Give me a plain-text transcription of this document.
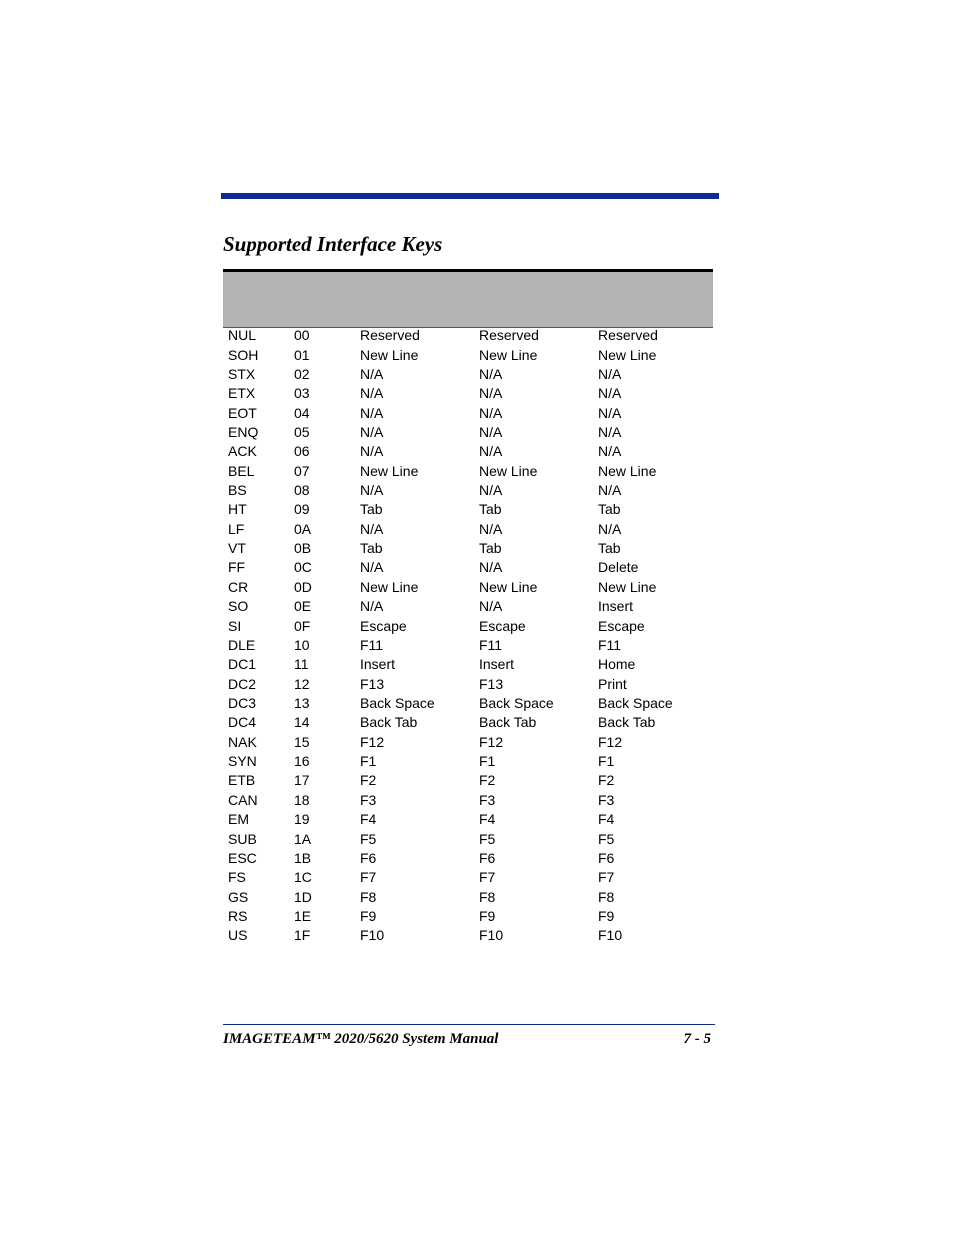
Supported Interface Keys
NUL	00	Reserved	Reserved	Reserved
SOH	01	New Line	New Line	New Line
STX	02	N/A	N/A	N/A
ETX	03	N/A	N/A	N/A
EOT	04	N/A	N/A	N/A
ENQ	05	N/A	N/A	N/A
ACK	06	N/A	N/A	N/A
BEL	07	New Line	New Line	New Line
BS	08	N/A	N/A	N/A
HT	09	Tab	Tab	Tab
LF	0A	N/A	N/A	N/A
VT	0B	Tab	Tab	Tab
FF	0C	N/A	N/A	Delete
CR	0D	New Line	New Line	New Line
SO	0E	N/A	N/A	Insert
SI	0F	Escape	Escape	Escape
DLE	10	F11	F11	F11
DC1	11	Insert	Insert	Home
DC2	12	F13	F13	Print
DC3	13	Back Space	Back Space	Back Space
DC4	14	Back Tab	Back Tab	Back Tab
NAK	15	F12	F12	F12
SYN	16	F1	F1	F1
ETB	17	F2	F2	F2
CAN	18	F3	F3	F3
EM	19	F4	F4	F4
SUB	1A	F5	F5	F5
ESC	1B	F6	F6	F6
FS	1C	F7	F7	F7
GS	1D	F8	F8	F8
RS	1E	F9	F9	F9
US	1F	F10	F10	F10
IMAGETEAM™ 2020/5620 System Manual	7 - 5
